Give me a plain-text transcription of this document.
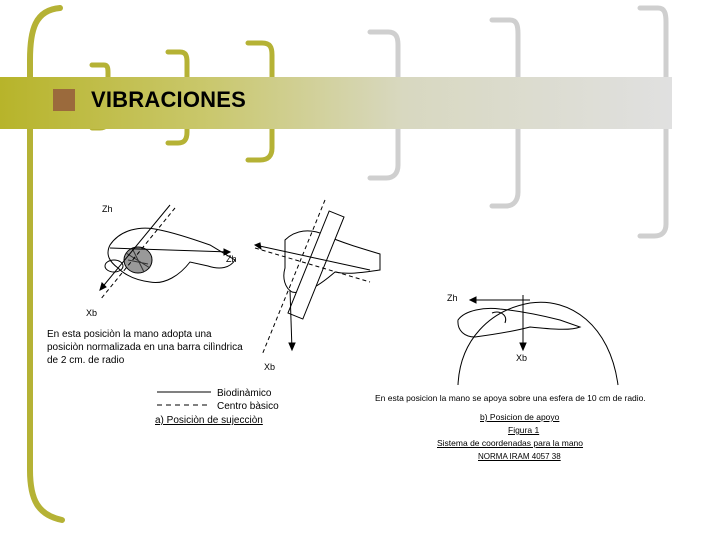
VIBRACIONES
Zh
Zh
Xb
Xb
En esta posiciòn la mano adopta una posiciòn normalizada en una barra cilìndrica de 2 cm. de radio
Biodinàmico
Centro bàsico
a) Posiciòn de sujecciòn
Zh
Xb
En esta posicion la mano se apoya sobre una esfera de 10 cm de radio.
b) Posicion de apoyo
Figura 1
Sistema de coordenadas para la mano
NORMA IRAM 4057 38
